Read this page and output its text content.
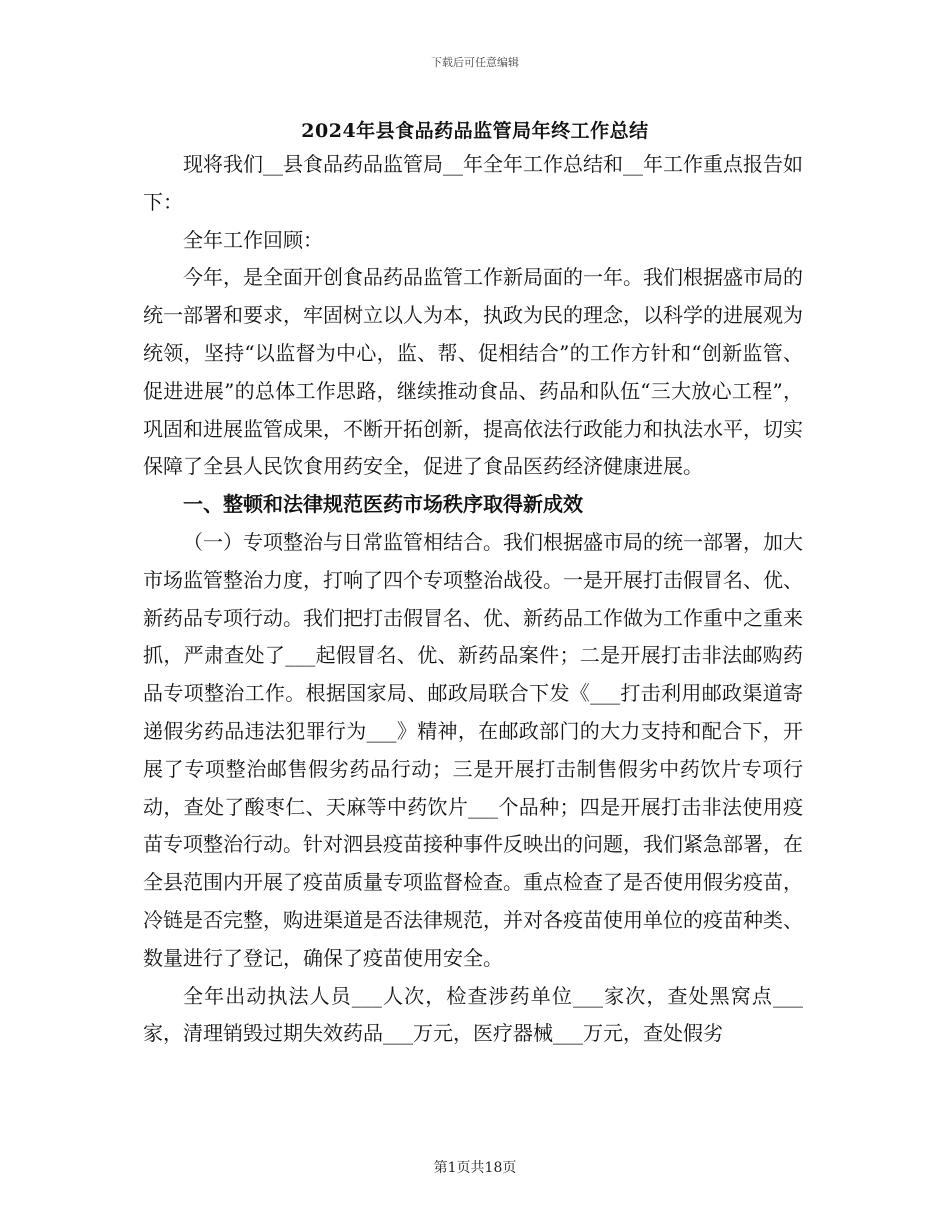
下载后可任意编辑
2024年县食品药品监管局年终工作总结

现将我们__县食品药品监管局__年全年工作总结和__年工作重点报告如下：

全年工作回顾：

今年，是全面开创食品药品监管工作新局面的一年。我们根据盛市局的统一部署和要求，牢固树立以人为本，执政为民的理念，以科学的进展观为统领，坚持“以监督为中心，监、帮、促相结合”的工作方针和“创新监管、促进进展”的总体工作思路，继续推动食品、药品和队伍“三大放心工程”，巩固和进展监管成果，不断开拓创新，提高依法行政能力和执法水平，切实保障了全县人民饮食用药安全，促进了食品医药经济健康进展。

一、整顿和法律规范医药市场秩序取得新成效

（一）专项整治与日常监管相结合。我们根据盛市局的统一部署，加大市场监管整治力度，打响了四个专项整治战役。一是开展打击假冒名、优、新药品专项行动。我们把打击假冒名、优、新药品工作做为工作重中之重来抓，严肃查处了___起假冒名、优、新药品案件；二是开展打击非法邮购药品专项整治工作。根据国家局、邮政局联合下发《___打击利用邮政渠道寄递假劣药品违法犯罪行为___》精神，在邮政部门的大力支持和配合下，开展了专项整治邮售假劣药品行动；三是开展打击制售假劣中药饮片专项行动，查处了酸枣仁、天麻等中药饮片___个品种；四是开展打击非法使用疫苗专项整治行动。针对泗县疫苗接种事件反映出的问题，我们紧急部署，在全县范围内开展了疫苗质量专项监督检查。重点检查了是否使用假劣疫苗，冷链是否完整，购进渠道是否法律规范，并对各疫苗使用单位的疫苗种类、数量进行了登记，确保了疫苗使用安全。

全年出动执法人员___人次，检查涉药单位___家次，查处黑窝点___家，清理销毁过期失效药品___万元，医疗器械___万元，查处假劣

第1页共18页
